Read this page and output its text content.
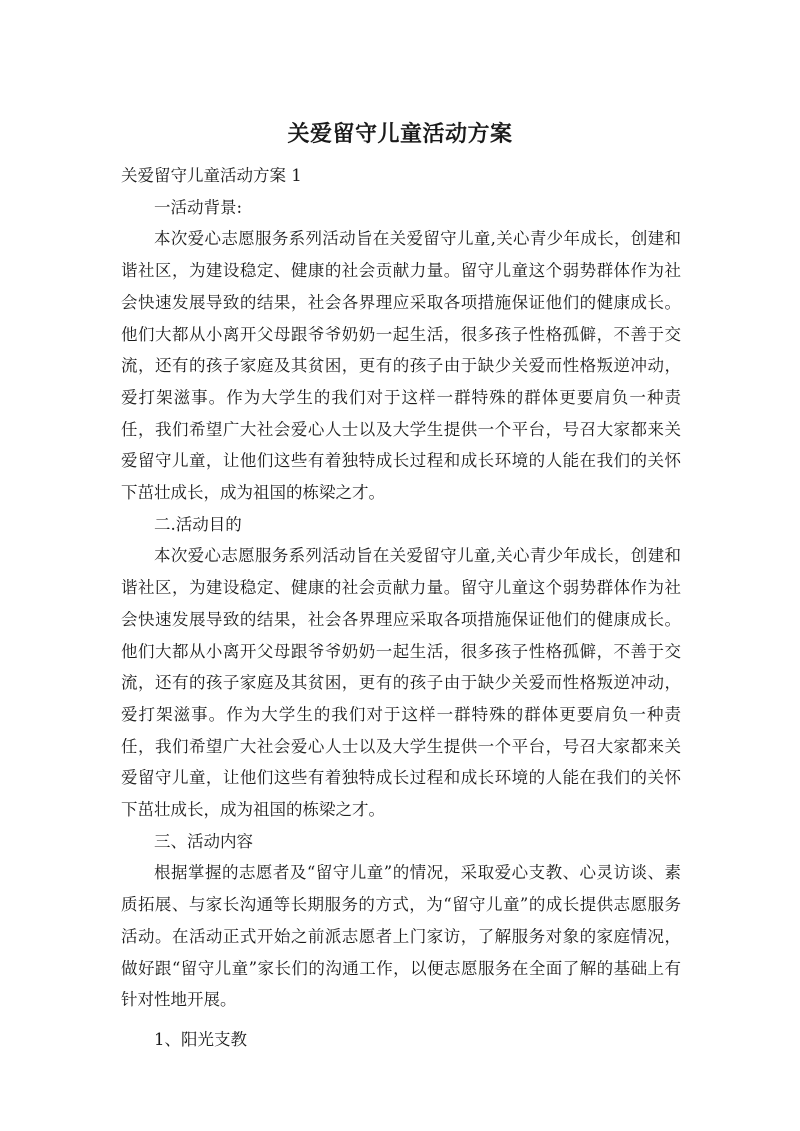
关爱留守儿童活动方案

关爱留守儿童活动方案 1

一活动背景:

本次爱心志愿服务系列活动旨在关爱留守儿童,关心青少年成长，创建和谐社区，为建设稳定、健康的社会贡献力量。留守儿童这个弱势群体作为社会快速发展导致的结果，社会各界理应采取各项措施保证他们的健康成长。他们大都从小离开父母跟爷爷奶奶一起生活，很多孩子性格孤僻，不善于交流，还有的孩子家庭及其贫困，更有的孩子由于缺少关爱而性格叛逆冲动，爱打架滋事。作为大学生的我们对于这样一群特殊的群体更要肩负一种责任，我们希望广大社会爱心人士以及大学生提供一个平台，号召大家都来关爱留守儿童，让他们这些有着独特成长过程和成长环境的人能在我们的关怀下茁壮成长，成为祖国的栋梁之才。

二.活动目的

本次爱心志愿服务系列活动旨在关爱留守儿童,关心青少年成长，创建和谐社区，为建设稳定、健康的社会贡献力量。留守儿童这个弱势群体作为社会快速发展导致的结果，社会各界理应采取各项措施保证他们的健康成长。他们大都从小离开父母跟爷爷奶奶一起生活，很多孩子性格孤僻，不善于交流，还有的孩子家庭及其贫困，更有的孩子由于缺少关爱而性格叛逆冲动，爱打架滋事。作为大学生的我们对于这样一群特殊的群体更要肩负一种责任，我们希望广大社会爱心人士以及大学生提供一个平台，号召大家都来关爱留守儿童，让他们这些有着独特成长过程和成长环境的人能在我们的关怀下茁壮成长，成为祖国的栋梁之才。

三、活动内容

根据掌握的志愿者及“留守儿童”的情况，采取爱心支教、心灵访谈、素质拓展、与家长沟通等长期服务的方式，为“留守儿童”的成长提供志愿服务活动。在活动正式开始之前派志愿者上门家访，了解服务对象的家庭情况，做好跟“留守儿童”家长们的沟通工作，以便志愿服务在全面了解的基础上有针对性地开展。

1、阳光支教
